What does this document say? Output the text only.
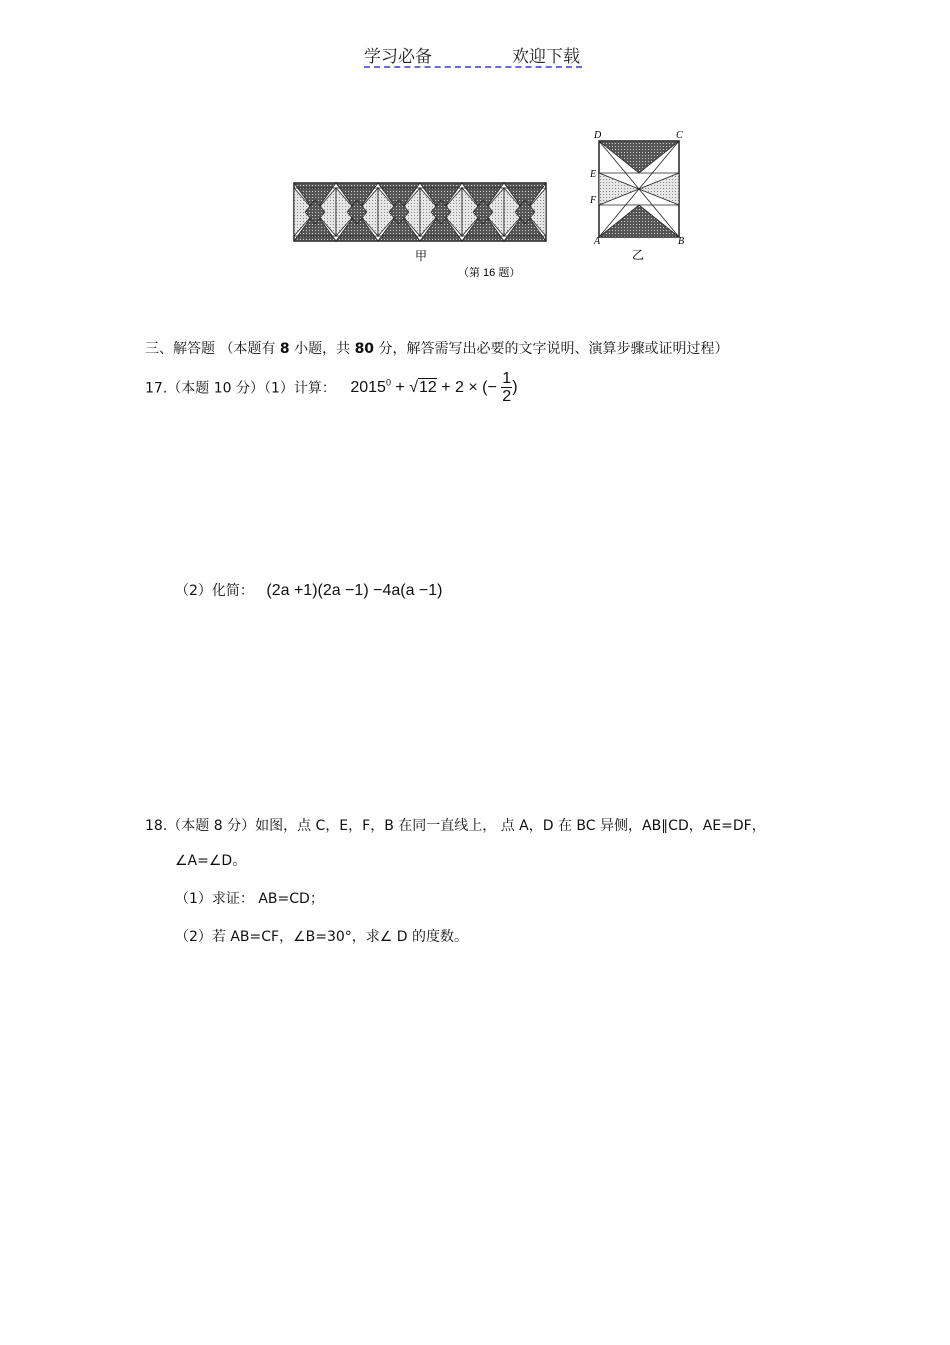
学习必备	欢迎下载
甲
（第 16 题）
D	C
E
F
A	B
乙
三、解答题 （本题有 8 小题，共 80 分，解答需写出必要的文字说明、演算步骤或证明过程）
17.（本题 10 分）（1）计算： $2015^0 + √12 + 2$ × (− $\frac{1}{2}$ )
（2）化简： (2a +1)(2a −1) −4a(a −1)
18.（本题 8 分）如图，点 C，E，F，B 在同一直线上， 点 A，D 在 BC 异侧，AB∥CD，AE=DF，
∠A=∠D。
（1）求证： AB=CD；
（2）若 AB=CF，∠B=30°，求∠ D 的度数。
